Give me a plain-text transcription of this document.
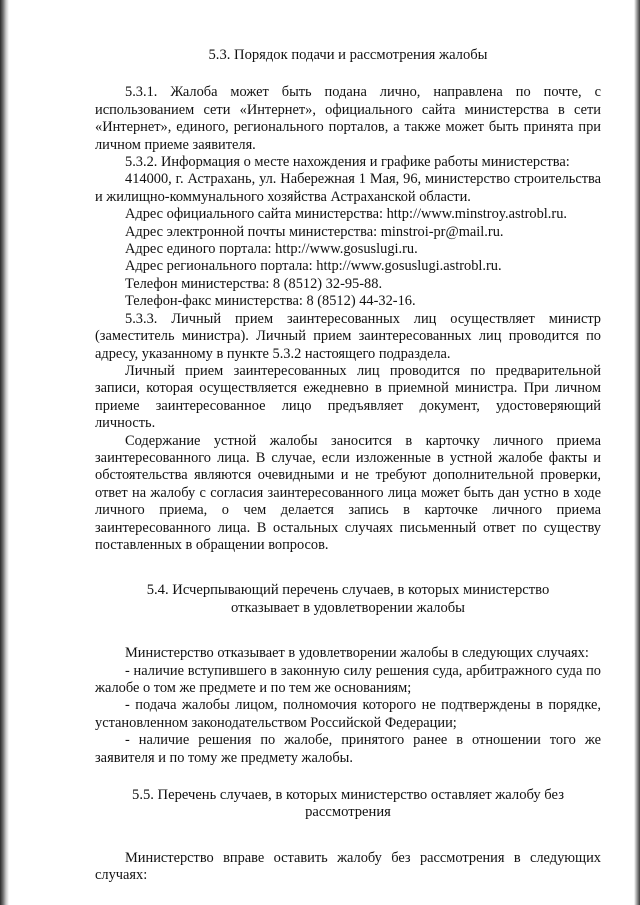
5.3. Порядок подачи и рассмотрения жалобы

5.3.1. Жалоба может быть подана лично, направлена по почте, с использованием сети «Интернет», официального сайта министерства в сети «Интернет», единого, регионального порталов, а также может быть принята при личном приеме заявителя.

5.3.2. Информация о месте нахождения и графике работы министерства:

414000, г. Астрахань, ул. Набережная 1 Мая, 96, министерство строительства и жилищно-коммунального хозяйства Астраханской области.

Адрес официального сайта министерства: http://www.minstroy.astrobl.ru.

Адрес электронной почты министерства: minstroi-pr@mail.ru.

Адрес единого портала: http://www.gosuslugi.ru.

Адрес регионального портала: http://www.gosuslugi.astrobl.ru.

Телефон министерства: 8 (8512) 32-95-88.

Телефон-факс министерства: 8 (8512) 44-32-16.

5.3.3. Личный прием заинтересованных лиц осуществляет министр (заместитель министра). Личный прием заинтересованных лиц проводится по адресу, указанному в пункте 5.3.2 настоящего подраздела.

Личный прием заинтересованных лиц проводится по предварительной записи, которая осуществляется ежедневно в приемной министра. При личном приеме заинтересованное лицо предъявляет документ, удостоверяющий личность.

Содержание устной жалобы заносится в карточку личного приема заинтересованного лица. В случае, если изложенные в устной жалобе факты и обстоятельства являются очевидными и не требуют дополнительной проверки, ответ на жалобу с согласия заинтересованного лица может быть дан устно в ходе личного приема, о чем делается запись в карточке личного приема заинтересованного лица. В остальных случаях письменный ответ по существу поставленных в обращении вопросов.

5.4. Исчерпывающий перечень случаев, в которых министерство

отказывает в удовлетворении жалобы

Министерство отказывает в удовлетворении жалобы в следующих случаях:

- наличие вступившего в законную силу решения суда, арбитражного суда по жалобе о том же предмете и по тем же основаниям;

- подача жалобы лицом, полномочия которого не подтверждены в порядке, установленном законодательством Российской Федерации;

- наличие решения по жалобе, принятого ранее в отношении того же заявителя и по тому же предмету жалобы.

5.5. Перечень случаев, в которых министерство оставляет жалобу без

рассмотрения

Министерство вправе оставить жалобу без рассмотрения в следующих случаях:
